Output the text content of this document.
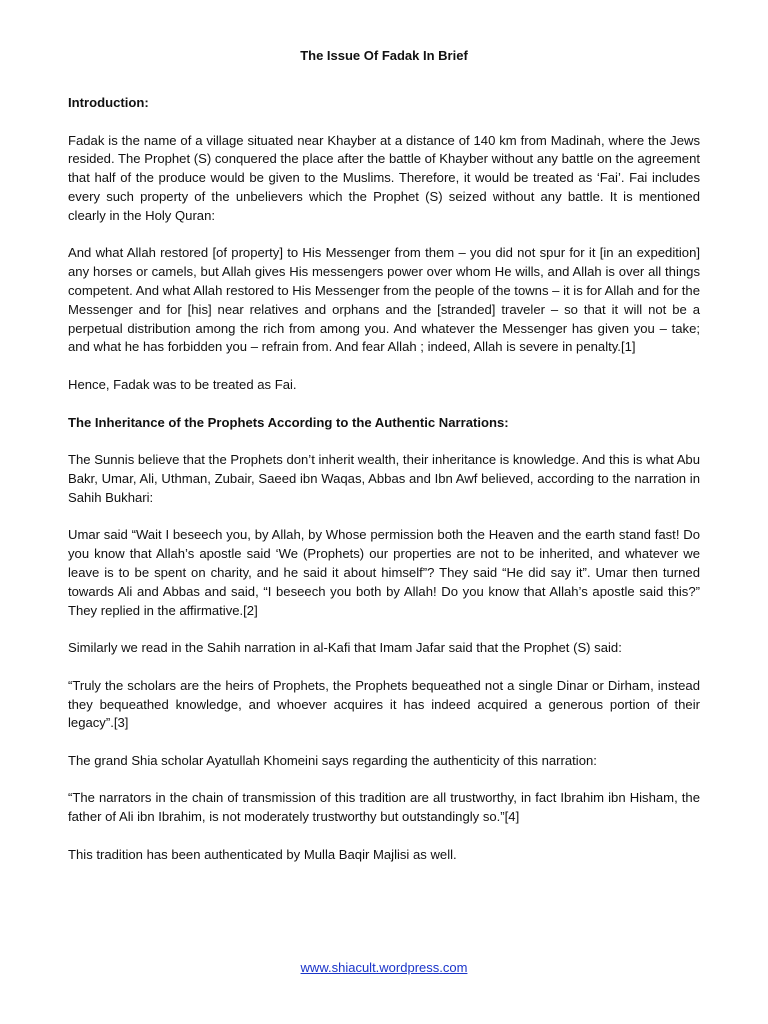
The Issue Of Fadak In Brief

Introduction:

Fadak is the name of a village situated near Khayber at a distance of 140 km from Madinah, where the Jews resided. The Prophet (S) conquered the place after the battle of Khayber without any battle on the agreement that half of the produce would be given to the Muslims. Therefore, it would be treated as ‘Fai’. Fai includes every such property of the unbelievers which the Prophet (S) seized without any battle. It is mentioned clearly in the Holy Quran:

And what Allah restored [of property] to His Messenger from them – you did not spur for it [in an expedition] any horses or camels, but Allah gives His messengers power over whom He wills, and Allah is over all things competent. And what Allah restored to His Messenger from the people of the towns – it is for Allah and for the Messenger and for [his] near relatives and orphans and the [stranded] traveler – so that it will not be a perpetual distribution among the rich from among you. And whatever the Messenger has given you – take; and what he has forbidden you – refrain from. And fear Allah ; indeed, Allah is severe in penalty.[1]

Hence, Fadak was to be treated as Fai.

The Inheritance of the Prophets According to the Authentic Narrations:

The Sunnis believe that the Prophets don’t inherit wealth, their inheritance is knowledge. And this is what Abu Bakr, Umar, Ali, Uthman, Zubair, Saeed ibn Waqas, Abbas and Ibn Awf believed, according to the narration in Sahih Bukhari:

Umar said “Wait I beseech you, by Allah, by Whose permission both the Heaven and the earth stand fast! Do you know that Allah’s apostle said ‘We (Prophets) our properties are not to be inherited, and whatever we leave is to be spent on charity, and he said it about himself”? They said “He did say it”. Umar then turned towards Ali and Abbas and said, “I beseech you both by Allah! Do you know that Allah’s apostle said this?” They replied in the affirmative.[2]

Similarly we read in the Sahih narration in al-Kafi that Imam Jafar said that the Prophet (S) said:

“Truly the scholars are the heirs of Prophets, the Prophets bequeathed not a single Dinar or Dirham, instead they bequeathed knowledge, and whoever acquires it has indeed acquired a generous portion of their legacy”.[3]

The grand Shia scholar Ayatullah Khomeini says regarding the authenticity of this narration:

“The narrators in the chain of transmission of this tradition are all trustworthy, in fact Ibrahim ibn Hisham, the father of Ali ibn Ibrahim, is not moderately trustworthy but outstandingly so.”[4]

This tradition has been authenticated by Mulla Baqir Majlisi as well.

www.shiacult.wordpress.com
